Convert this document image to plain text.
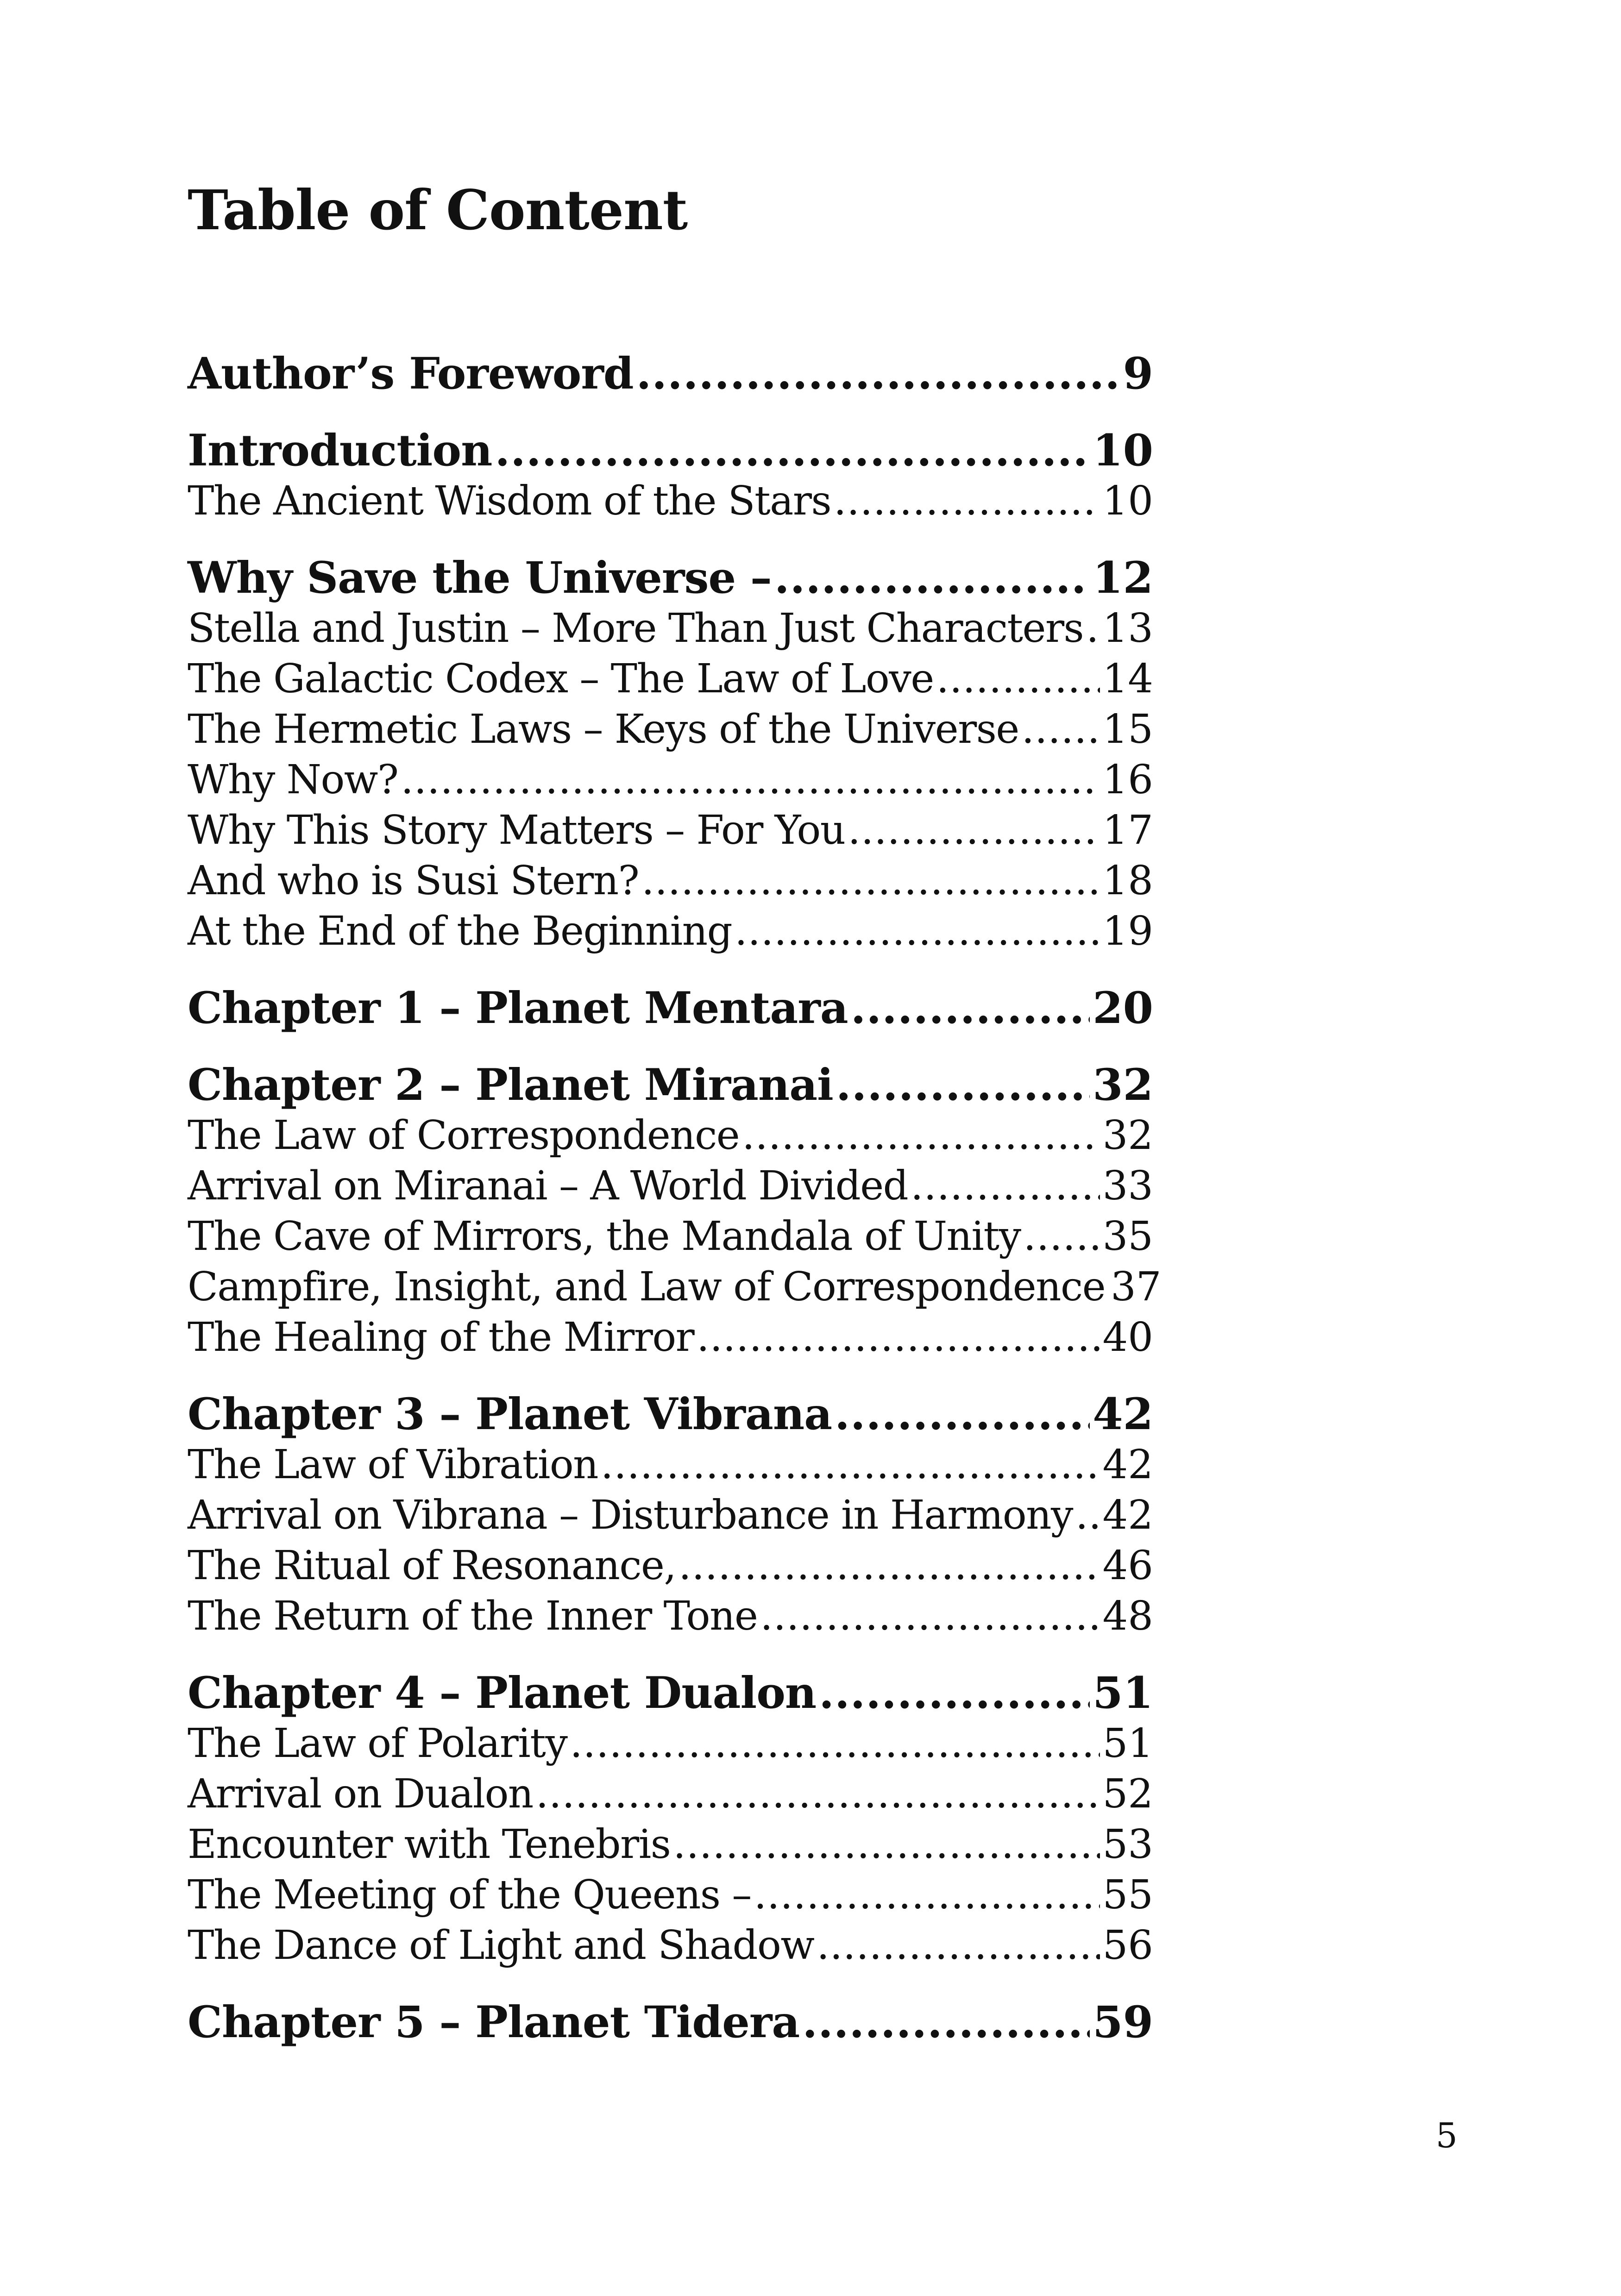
Table of Content
Author’s Foreword .....	9
Introduction .....	10
The Ancient Wisdom of the Stars .....	10
Why Save the Universe – .....	12
Stella and Justin – More Than Just Characters ..... 13
The Galactic Codex – The Law of Love .....	14
The Hermetic Laws – Keys of the Universe ..... 15
Why Now? .....	16
Why This Story Matters – For You .....	17
And who is Susi Stern? .....	18
At the End of the Beginning .....	19
Chapter 1 – Planet Mentara .....	20
Chapter 2 – Planet Miranai .....	32
The Law of Correspondence .....	32
Arrival on Miranai – A World Divided .....	33
The Cave of Mirrors, the Mandala of Unity ..... 35
Campfire, Insight, and Law of Correspondence 37
The Healing of the Mirror .....	40
Chapter 3 – Planet Vibrana .....	42
The Law of Vibration .....	42
Arrival on Vibrana – Disturbance in Harmony ..... 42
The Ritual of Resonance, .....	46
The Return of the Inner Tone .....	48
Chapter 4 – Planet Dualon .....	51
The Law of Polarity .....	51
Arrival on Dualon .....	52
Encounter with Tenebris .....	53
The Meeting of the Queens – .....	55
The Dance of Light and Shadow .....	56
Chapter 5 – Planet Tidera .....	59
5
